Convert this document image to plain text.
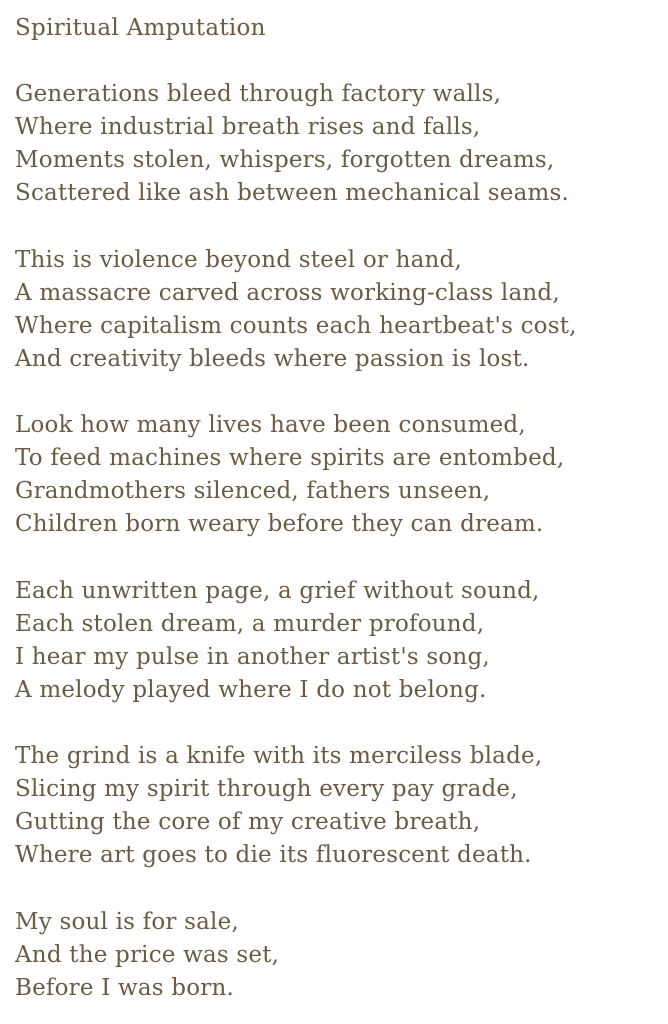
Spiritual Amputation
Generations bleed through factory walls,
Where industrial breath rises and falls,
Moments stolen, whispers, forgotten dreams,
Scattered like ash between mechanical seams.
This is violence beyond steel or hand,
A massacre carved across working-class land,
Where capitalism counts each heartbeat's cost,
And creativity bleeds where passion is lost.
Look how many lives have been consumed,
To feed machines where spirits are entombed,
Grandmothers silenced, fathers unseen,
Children born weary before they can dream.
Each unwritten page, a grief without sound,
Each stolen dream, a murder profound,
I hear my pulse in another artist's song,
A melody played where I do not belong.
The grind is a knife with its merciless blade,
Slicing my spirit through every pay grade,
Gutting the core of my creative breath,
Where art goes to die its fluorescent death.
My soul is for sale,
And the price was set,
Before I was born.
